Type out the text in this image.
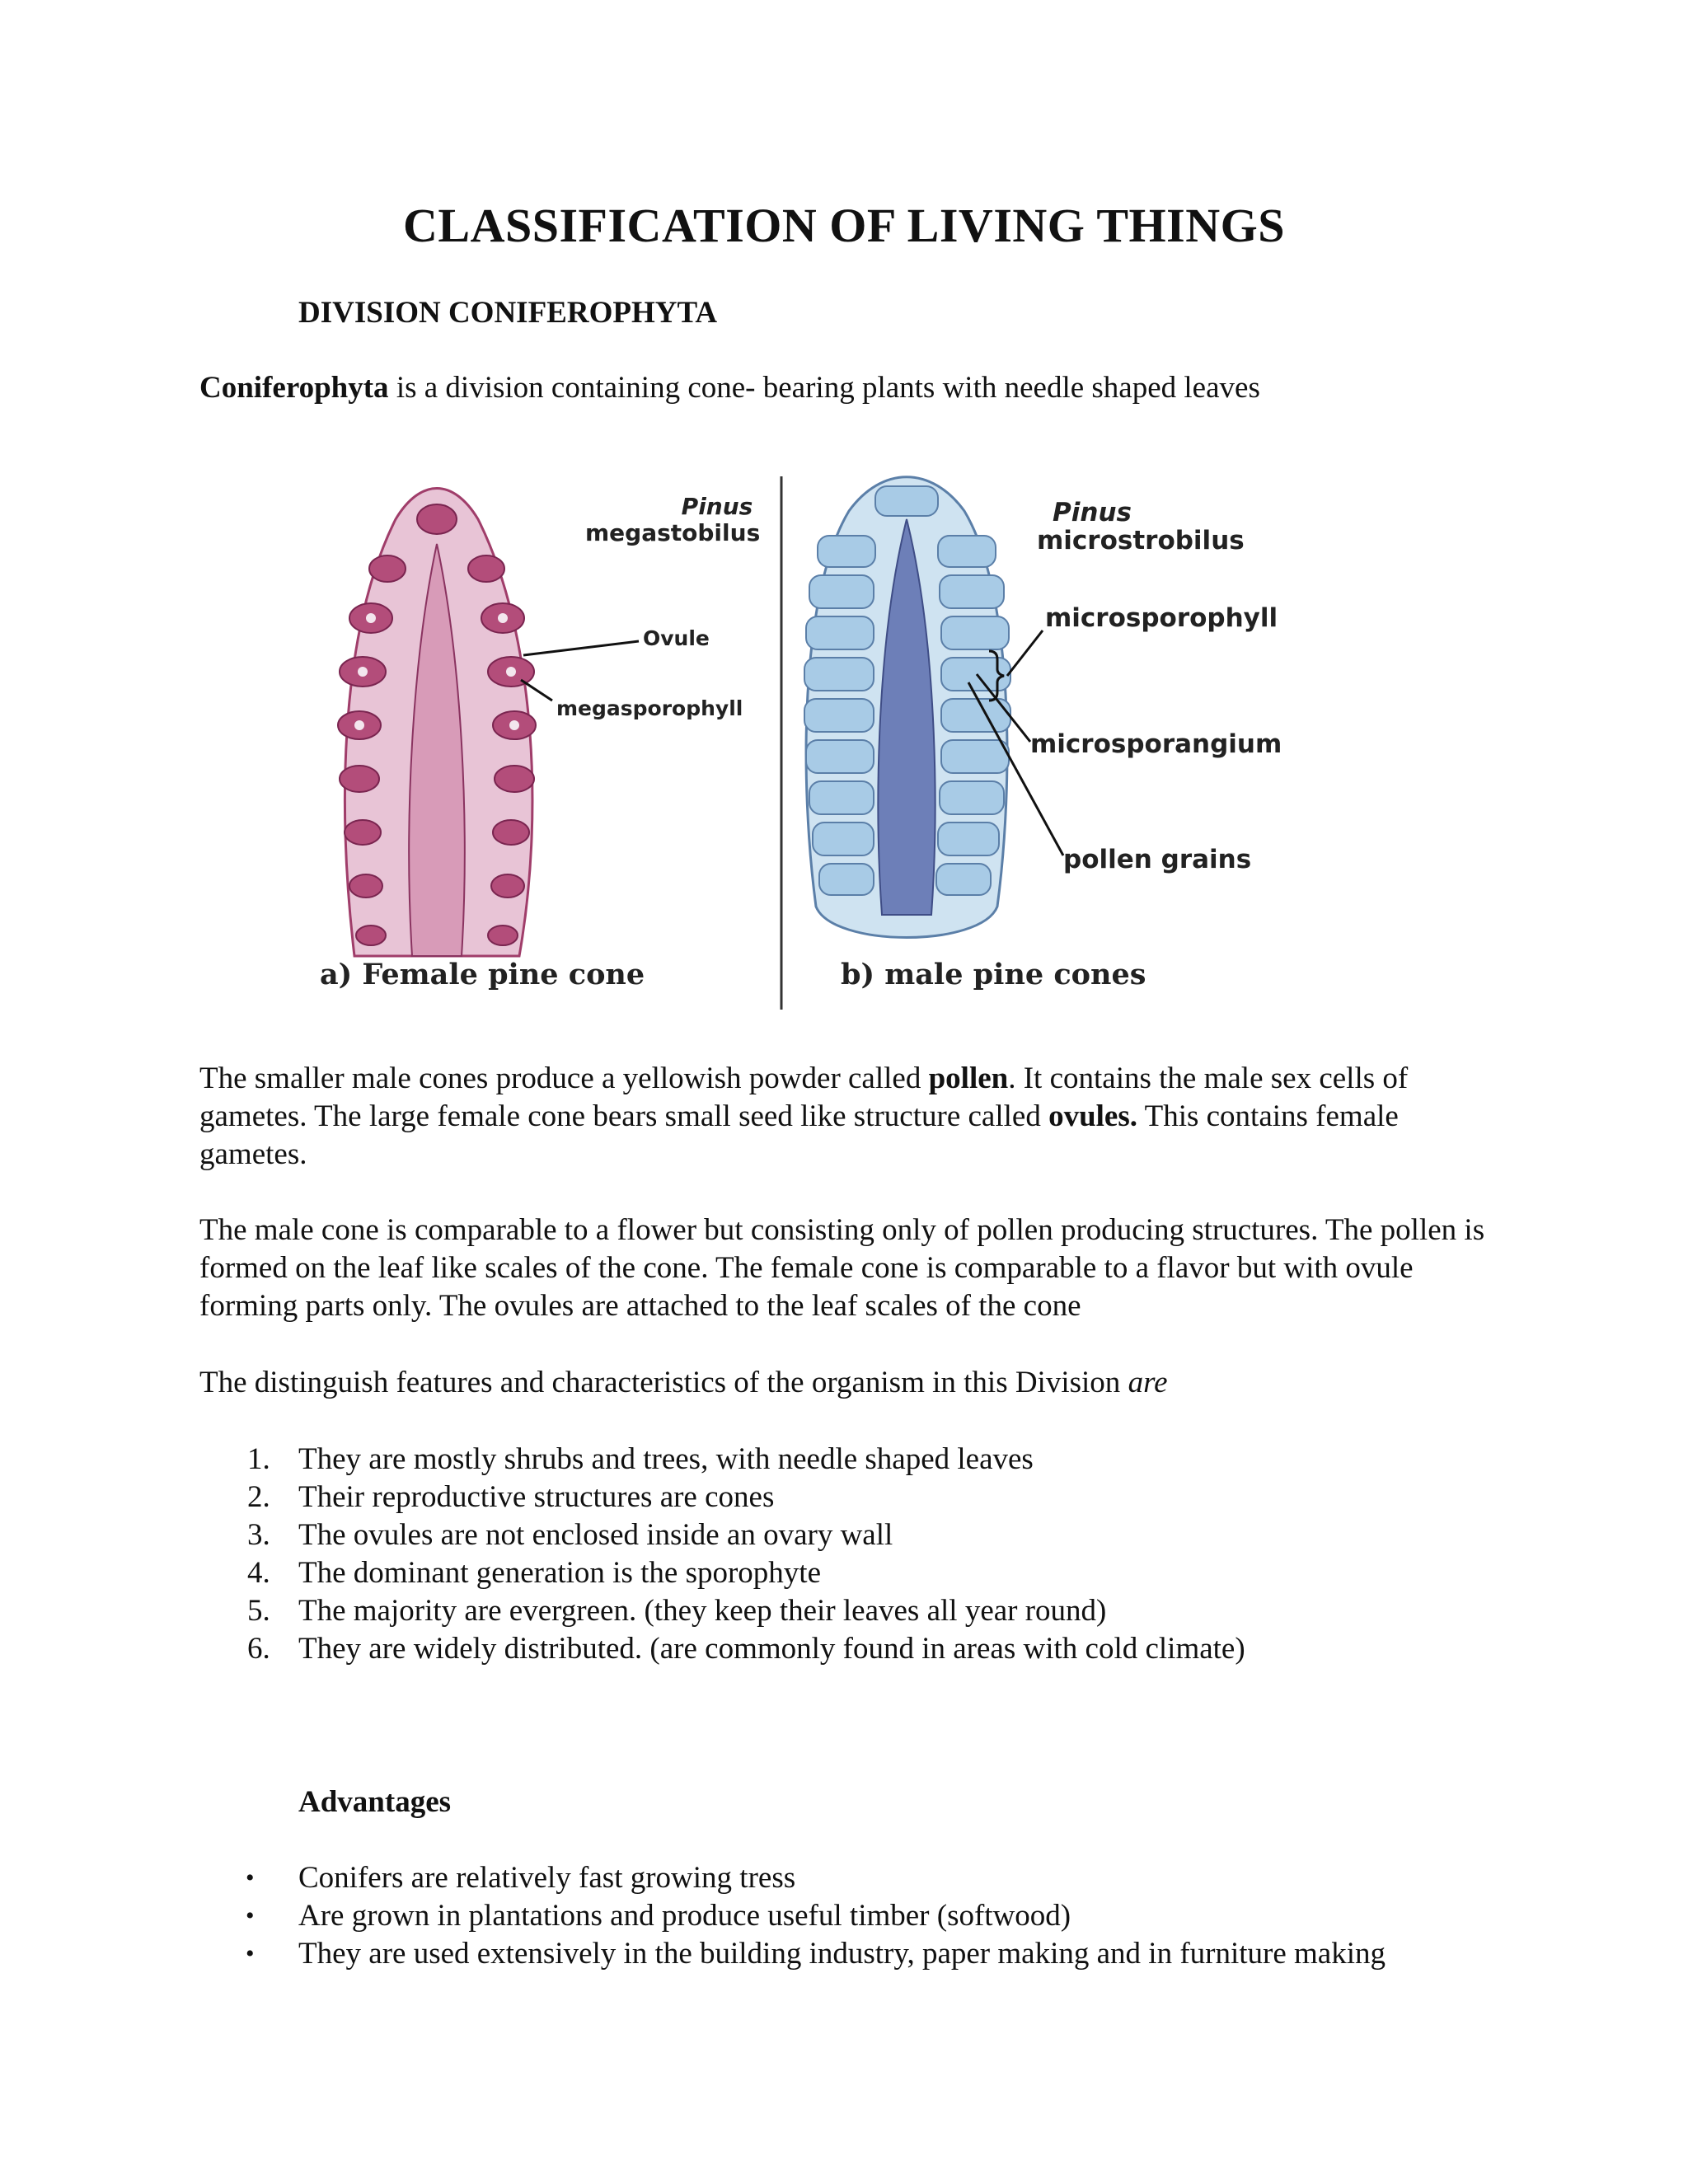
CLASSIFICATION OF LIVING THINGS
DIVISION CONIFEROPHYTA
Coniferophyta is a division containing cone- bearing plants with needle shaped leaves
Pinus
megastobilus
Ovule
megasporophyll
a) Female pine cone
Pinus
microstrobilus
microsporophyll
microsporangium
pollen grains
b) male pine cones
The smaller male cones produce a yellowish powder called pollen. It contains the male sex cells of gametes. The large female cone bears small seed like structure called ovules. This contains female gametes.
The male cone is comparable to a flower but consisting only of pollen producing structures. The pollen is formed on the leaf like scales of the cone. The female cone is comparable to a flavor but with ovule forming parts only. The ovules are attached to the leaf scales of the cone
The distinguish features and characteristics of the organism in this Division are
1. They are mostly shrubs and trees, with needle shaped leaves
2. Their reproductive structures are cones
3. The ovules are not enclosed inside an ovary wall
4. The dominant generation is the sporophyte
5. The majority are evergreen. (they keep their leaves all year round)
6. They are widely distributed. (are commonly found in areas with cold climate)
Advantages
• Conifers are relatively fast growing tress
• Are grown in plantations and produce useful timber (softwood)
• They are used extensively in the building industry, paper making and in furniture making
